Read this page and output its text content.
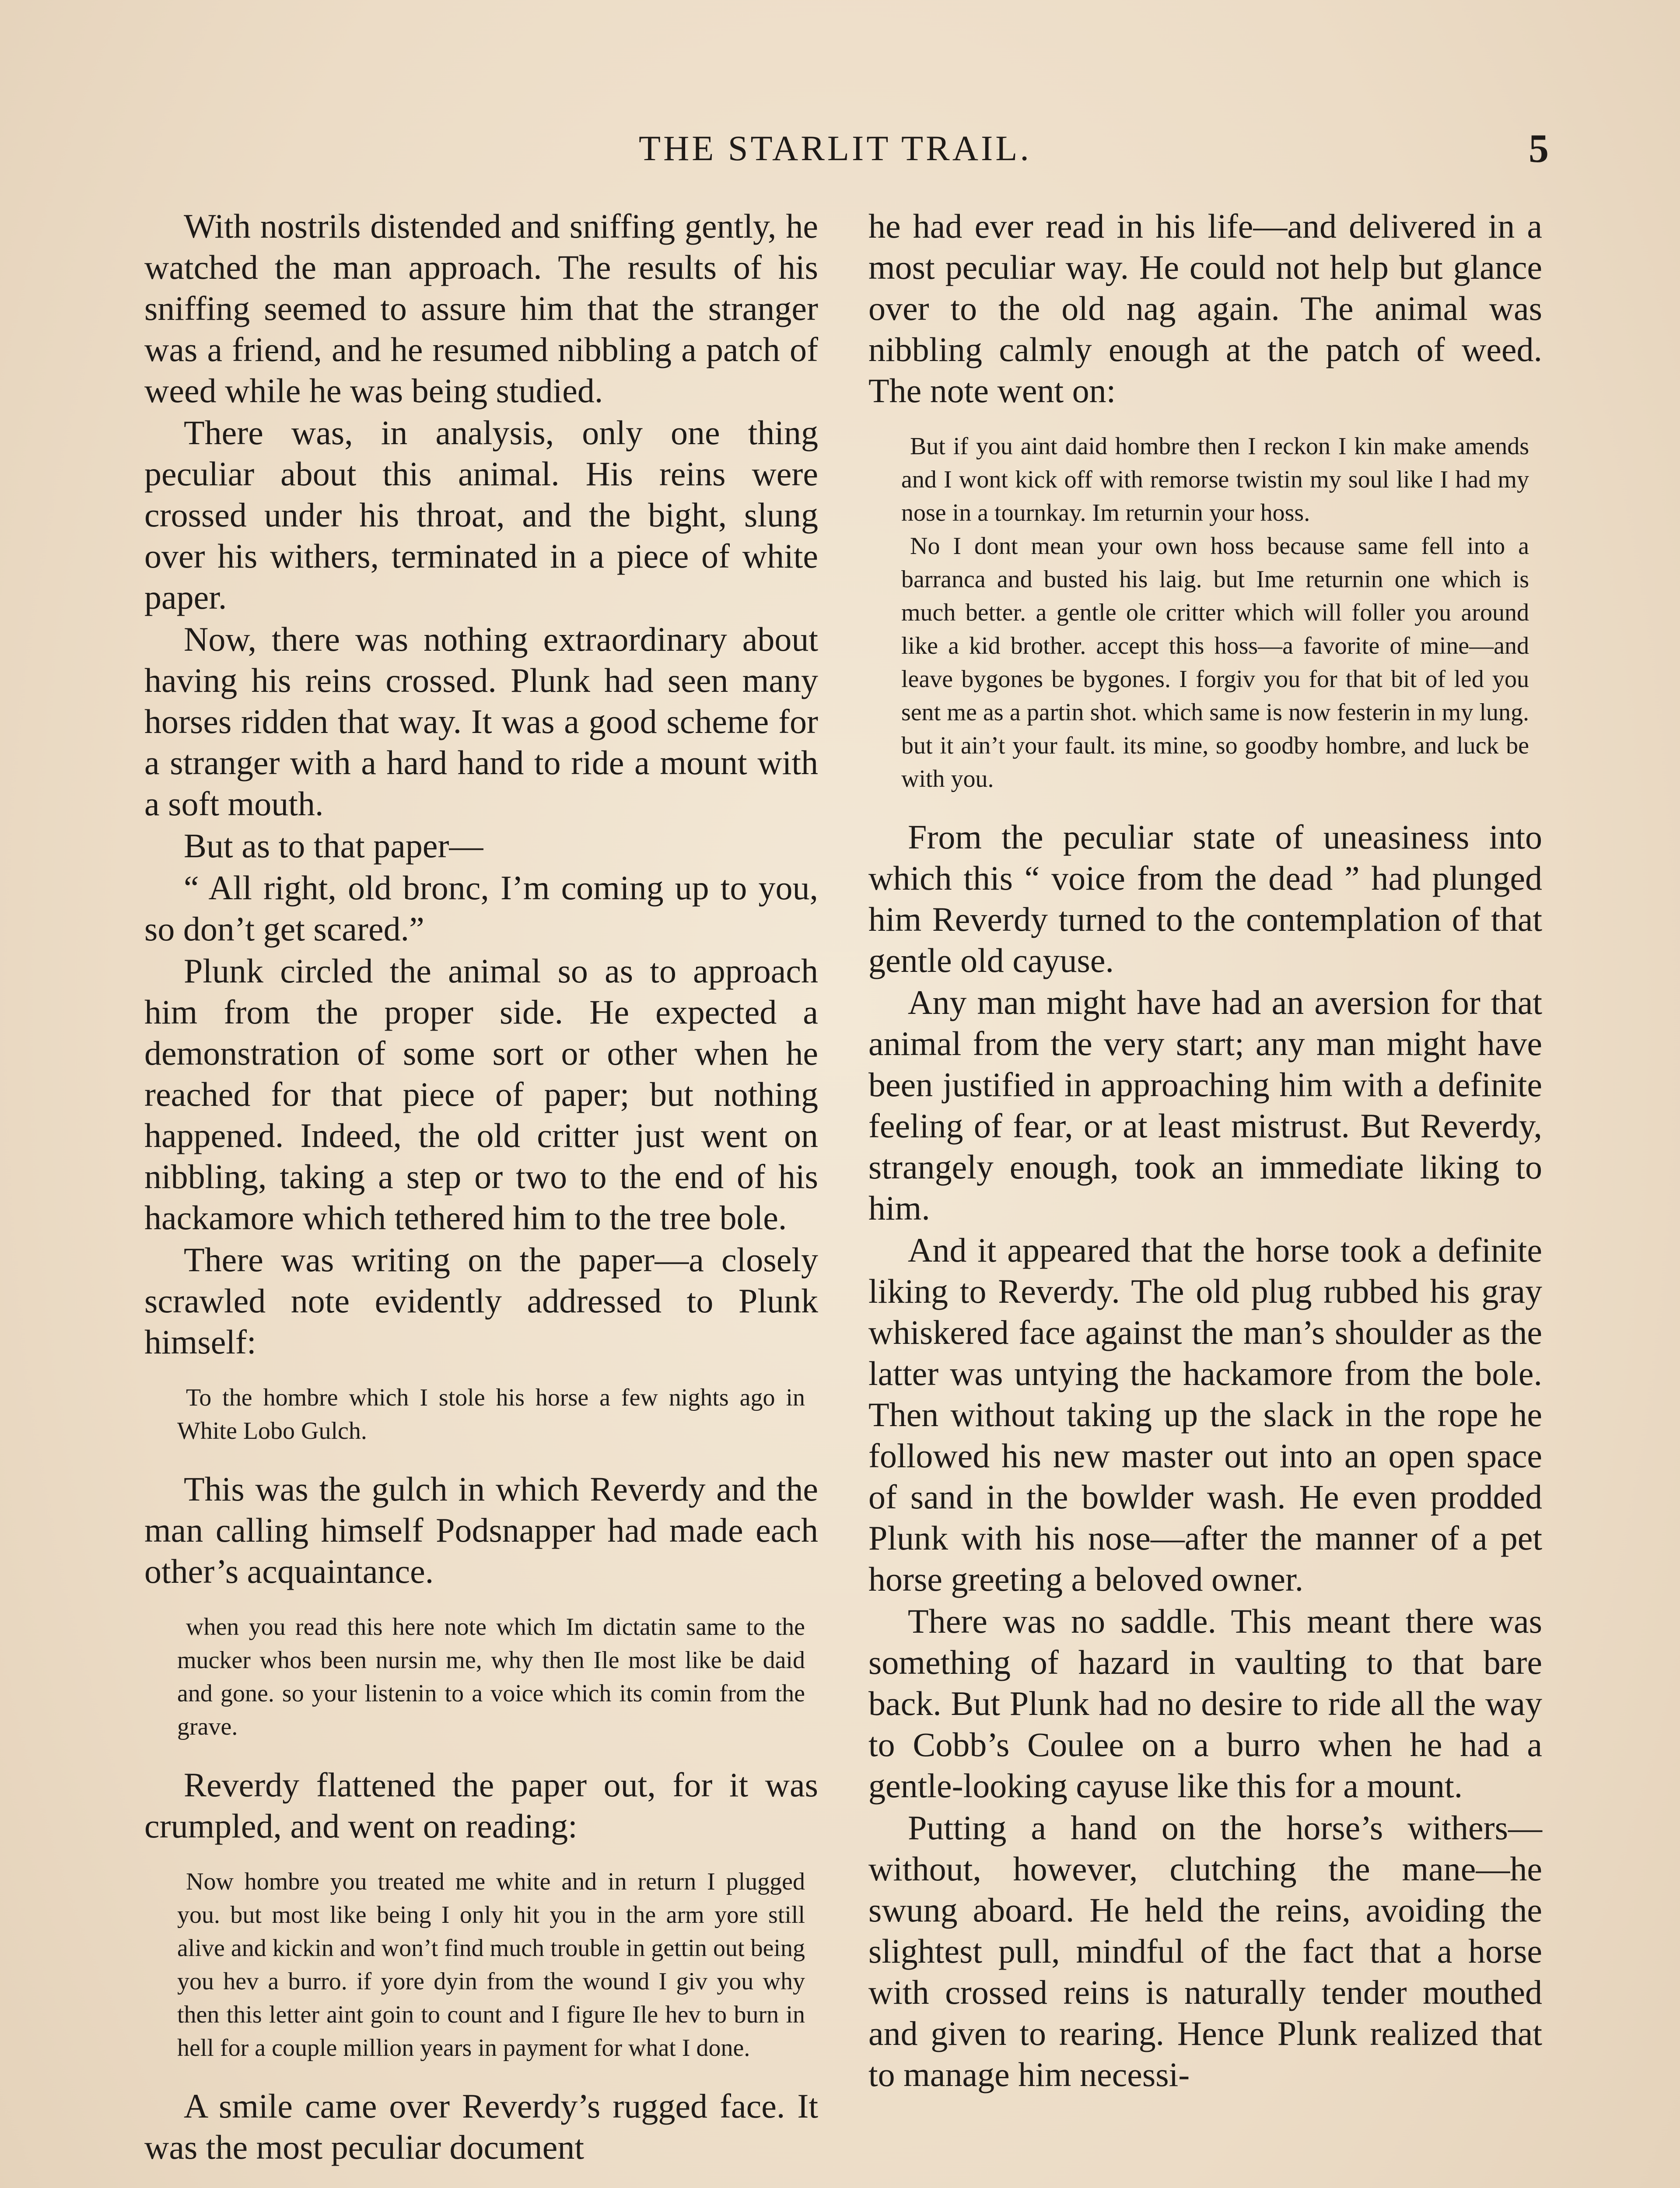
THE STARLIT TRAIL.	5

With nostrils distended and sniffing gently, he watched the man approach. The results of his sniffing seemed to assure him that the stranger was a friend, and he resumed nibbling a patch of weed while he was being studied.

There was, in analysis, only one thing peculiar about this animal. His reins were crossed under his throat, and the bight, slung over his withers, terminated in a piece of white paper.

Now, there was nothing extraordinary about having his reins crossed. Plunk had seen many horses ridden that way. It was a good scheme for a stranger with a hard hand to ride a mount with a soft mouth.

But as to that paper—

“ All right, old bronc, I’m coming up to you, so don’t get scared.”

Plunk circled the animal so as to approach him from the proper side. He expected a demonstration of some sort or other when he reached for that piece of paper; but nothing happened. Indeed, the old critter just went on nibbling, taking a step or two to the end of his hackamore which tethered him to the tree bole.

There was writing on the paper—a closely scrawled note evidently addressed to Plunk himself:

To the hombre which I stole his horse a few nights ago in White Lobo Gulch.

This was the gulch in which Reverdy and the man calling himself Podsnapper had made each other’s acquaintance.

when you read this here note which Im dictatin same to the mucker whos been nursin me, why then Ile most like be daid and gone. so your listenin to a voice which its comin from the grave.

Reverdy flattened the paper out, for it was crumpled, and went on reading:

Now hombre you treated me white and in return I plugged you. but most like being I only hit you in the arm yore still alive and kickin and won’t find much trouble in gettin out being you hev a burro. if yore dyin from the wound I giv you why then this letter aint goin to count and I figure Ile hev to burn in hell for a couple million years in payment for what I done.

A smile came over Reverdy’s rugged face. It was the most peculiar document

he had ever read in his life—and delivered in a most peculiar way. He could not help but glance over to the old nag again. The animal was nibbling calmly enough at the patch of weed. The note went on:

But if you aint daid hombre then I reckon I kin make amends and I wont kick off with remorse twistin my soul like I had my nose in a tournkay. Im returnin your hoss.

No I dont mean your own hoss because same fell into a barranca and busted his laig. but Ime returnin one which is much better. a gentle ole critter which will foller you around like a kid brother. accept this hoss—a favorite of mine—and leave bygones be bygones. I forgiv you for that bit of led you sent me as a partin shot. which same is now festerin in my lung. but it ain’t your fault. its mine, so goodby hombre, and luck be with you.

From the peculiar state of uneasiness into which this “ voice from the dead ” had plunged him Reverdy turned to the contemplation of that gentle old cayuse.

Any man might have had an aversion for that animal from the very start; any man might have been justified in approaching him with a definite feeling of fear, or at least mistrust. But Reverdy, strangely enough, took an immediate liking to him.

And it appeared that the horse took a definite liking to Reverdy. The old plug rubbed his gray whiskered face against the man’s shoulder as the latter was untying the hackamore from the bole. Then without taking up the slack in the rope he followed his new master out into an open space of sand in the bowlder wash. He even prodded Plunk with his nose—after the manner of a pet horse greeting a beloved owner.

There was no saddle. This meant there was something of hazard in vaulting to that bare back. But Plunk had no desire to ride all the way to Cobb’s Coulee on a burro when he had a gentle-looking cayuse like this for a mount.

Putting a hand on the horse’s withers—without, however, clutching the mane—he swung aboard. He held the reins, avoiding the slightest pull, mindful of the fact that a horse with crossed reins is naturally tender mouthed and given to rearing. Hence Plunk realized that to manage him necessi-
